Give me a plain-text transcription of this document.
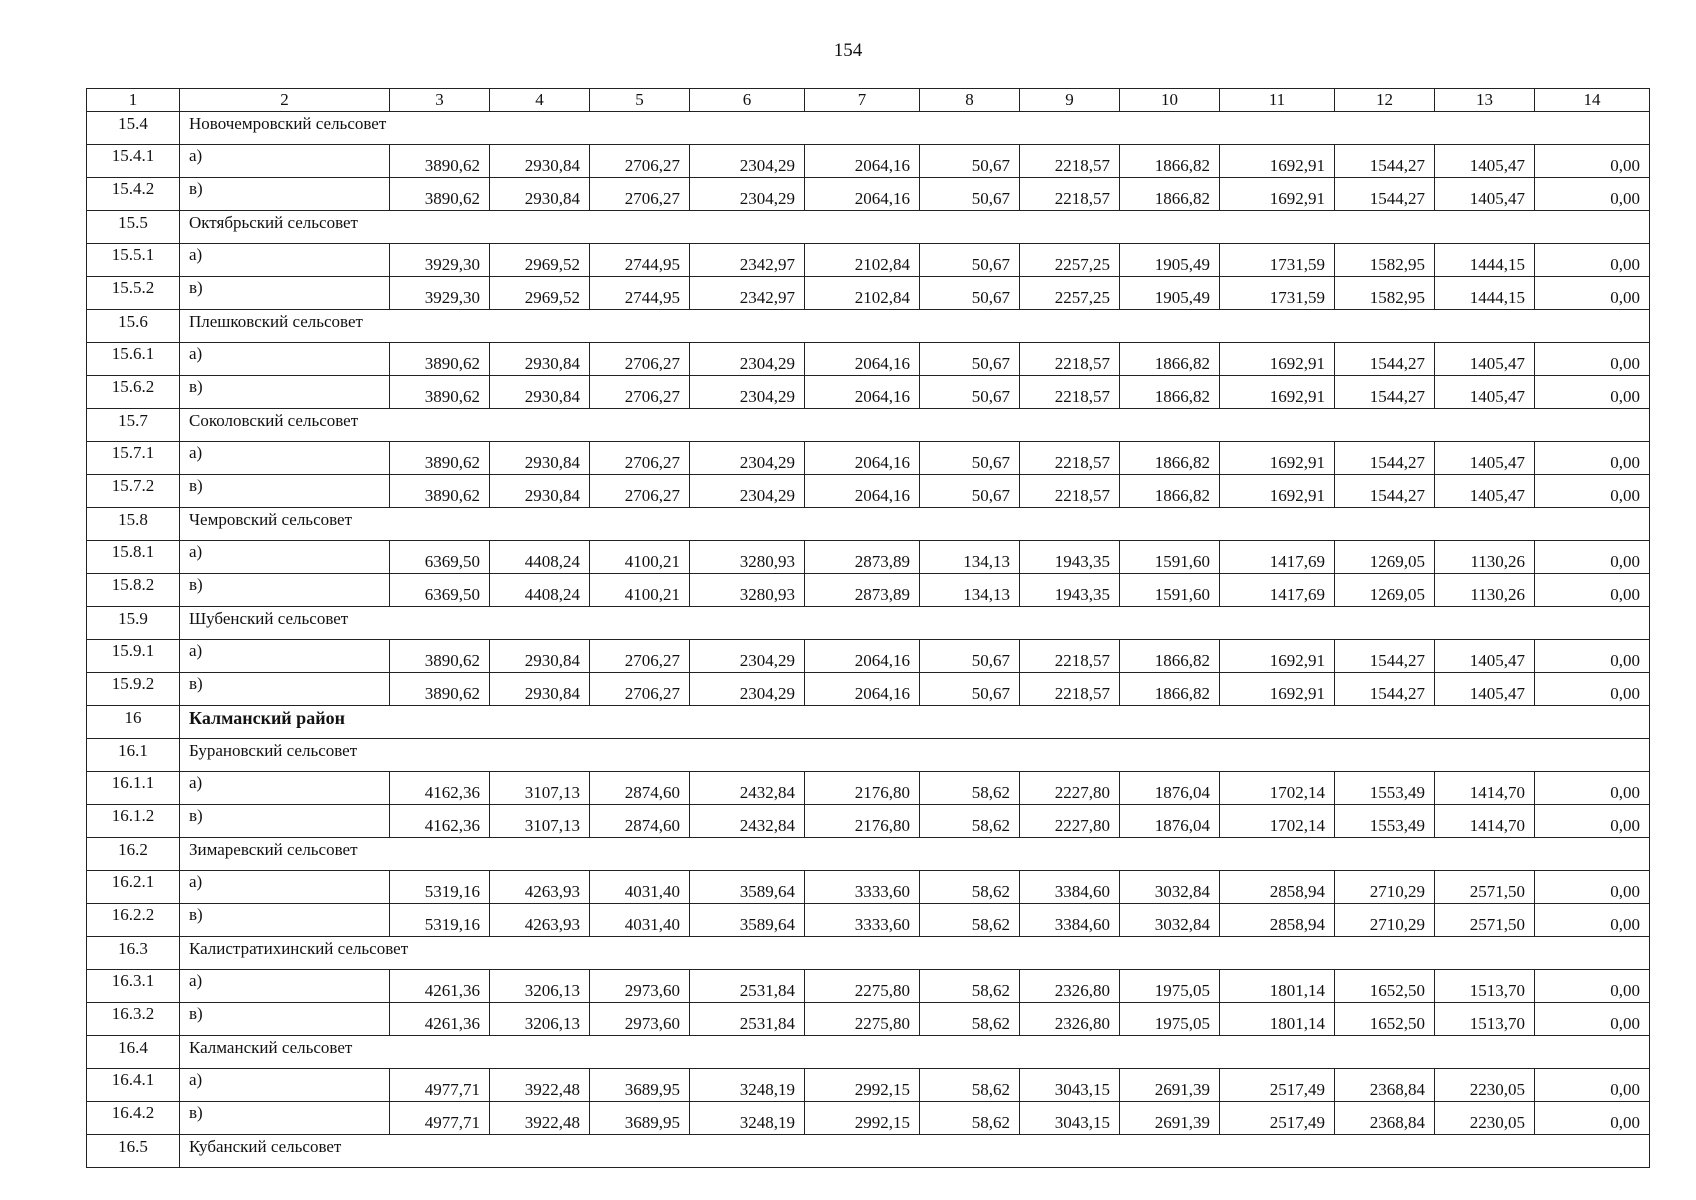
154
1	2	3	4	5	6	7	8	9	10	11	12	13	14
15.4	Новочемровский сельсовет												
15.4.1	а)	3890,62	2930,84	2706,27	2304,29	2064,16	50,67	2218,57	1866,82	1692,91	1544,27	1405,47	0,00
15.4.2	в)	3890,62	2930,84	2706,27	2304,29	2064,16	50,67	2218,57	1866,82	1692,91	1544,27	1405,47	0,00
15.5	Октябрьский сельсовет												
15.5.1	а)	3929,30	2969,52	2744,95	2342,97	2102,84	50,67	2257,25	1905,49	1731,59	1582,95	1444,15	0,00
15.5.2	в)	3929,30	2969,52	2744,95	2342,97	2102,84	50,67	2257,25	1905,49	1731,59	1582,95	1444,15	0,00
15.6	Плешковский сельсовет												
15.6.1	а)	3890,62	2930,84	2706,27	2304,29	2064,16	50,67	2218,57	1866,82	1692,91	1544,27	1405,47	0,00
15.6.2	в)	3890,62	2930,84	2706,27	2304,29	2064,16	50,67	2218,57	1866,82	1692,91	1544,27	1405,47	0,00
15.7	Соколовский сельсовет												
15.7.1	а)	3890,62	2930,84	2706,27	2304,29	2064,16	50,67	2218,57	1866,82	1692,91	1544,27	1405,47	0,00
15.7.2	в)	3890,62	2930,84	2706,27	2304,29	2064,16	50,67	2218,57	1866,82	1692,91	1544,27	1405,47	0,00
15.8	Чемровский сельсовет												
15.8.1	а)	6369,50	4408,24	4100,21	3280,93	2873,89	134,13	1943,35	1591,60	1417,69	1269,05	1130,26	0,00
15.8.2	в)	6369,50	4408,24	4100,21	3280,93	2873,89	134,13	1943,35	1591,60	1417,69	1269,05	1130,26	0,00
15.9	Шубенский сельсовет												
15.9.1	а)	3890,62	2930,84	2706,27	2304,29	2064,16	50,67	2218,57	1866,82	1692,91	1544,27	1405,47	0,00
15.9.2	в)	3890,62	2930,84	2706,27	2304,29	2064,16	50,67	2218,57	1866,82	1692,91	1544,27	1405,47	0,00
16	Калманский район												
16.1	Бурановский сельсовет												
16.1.1	а)	4162,36	3107,13	2874,60	2432,84	2176,80	58,62	2227,80	1876,04	1702,14	1553,49	1414,70	0,00
16.1.2	в)	4162,36	3107,13	2874,60	2432,84	2176,80	58,62	2227,80	1876,04	1702,14	1553,49	1414,70	0,00
16.2	Зимаревский сельсовет												
16.2.1	а)	5319,16	4263,93	4031,40	3589,64	3333,60	58,62	3384,60	3032,84	2858,94	2710,29	2571,50	0,00
16.2.2	в)	5319,16	4263,93	4031,40	3589,64	3333,60	58,62	3384,60	3032,84	2858,94	2710,29	2571,50	0,00
16.3	Калистратихинский сельсовет												
16.3.1	а)	4261,36	3206,13	2973,60	2531,84	2275,80	58,62	2326,80	1975,05	1801,14	1652,50	1513,70	0,00
16.3.2	в)	4261,36	3206,13	2973,60	2531,84	2275,80	58,62	2326,80	1975,05	1801,14	1652,50	1513,70	0,00
16.4	Калманский сельсовет												
16.4.1	а)	4977,71	3922,48	3689,95	3248,19	2992,15	58,62	3043,15	2691,39	2517,49	2368,84	2230,05	0,00
16.4.2	в)	4977,71	3922,48	3689,95	3248,19	2992,15	58,62	3043,15	2691,39	2517,49	2368,84	2230,05	0,00
16.5	Кубанский сельсовет												
